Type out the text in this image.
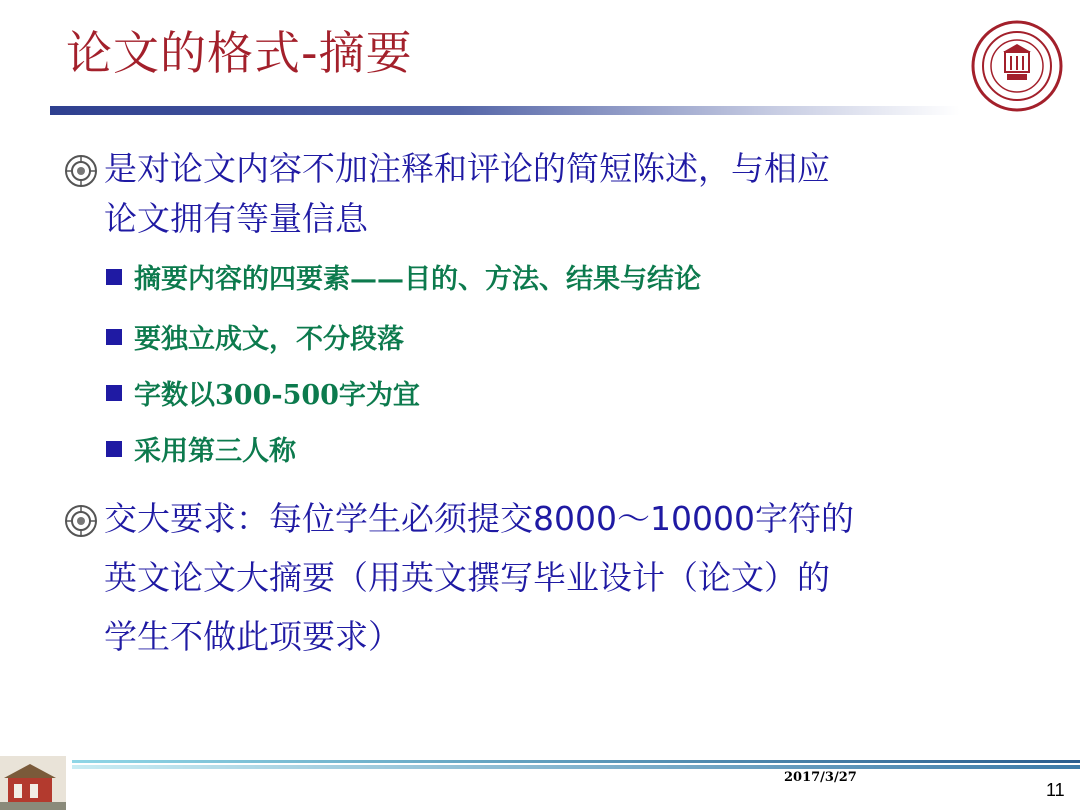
论文的格式-摘要
是对论文内容不加注释和评论的简短陈述，与相应
论文拥有等量信息
摘要内容的四要素——目的、方法、结果与结论
要独立成文，不分段落
字数以300-500字为宜
采用第三人称
交大要求：每位学生必须提交8000～10000字符的
英文论文大摘要（用英文撰写毕业设计（论文）的
学生不做此项要求）
2017/3/27
11
